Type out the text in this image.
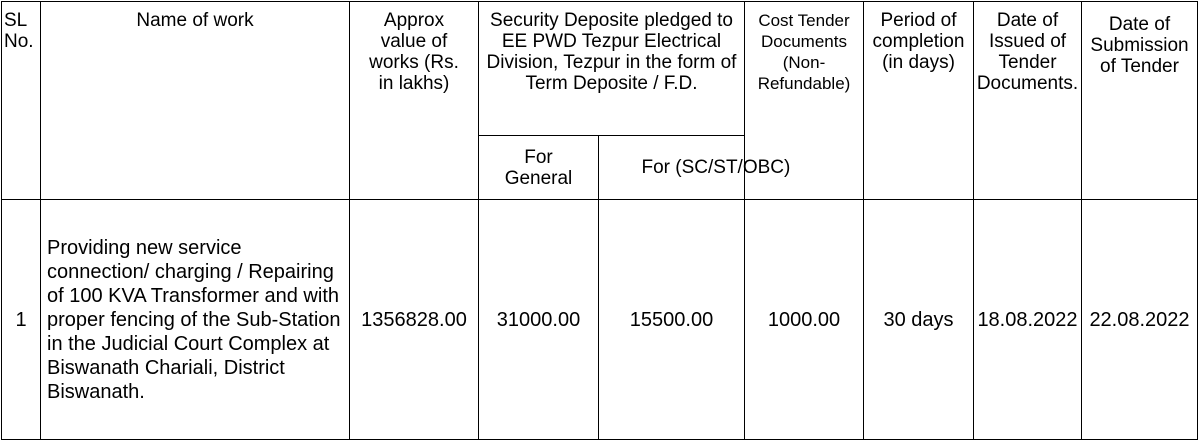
SL No.	Name of work	Approx value of works (Rs. in lakhs)	Security Deposite pledged to EE PWD Tezpur Electrical Division, Tezpur in the form of Term Deposite / F.D.		Cost Tender Documents (Non-Refundable)	Period of completion (in days)	Date of Issued of Tender Documents.	Date of Submission of Tender

			For General	For (SC/ST/OBC)				

1	Providing new service connection/ charging / Repairing of 100 KVA Transformer and with proper fencing of the Sub-Station in the Judicial Court Complex at Biswanath Chariali, District Biswanath.	1356828.00	31000.00	15500.00	1000.00	30 days	18.08.2022	22.08.2022
